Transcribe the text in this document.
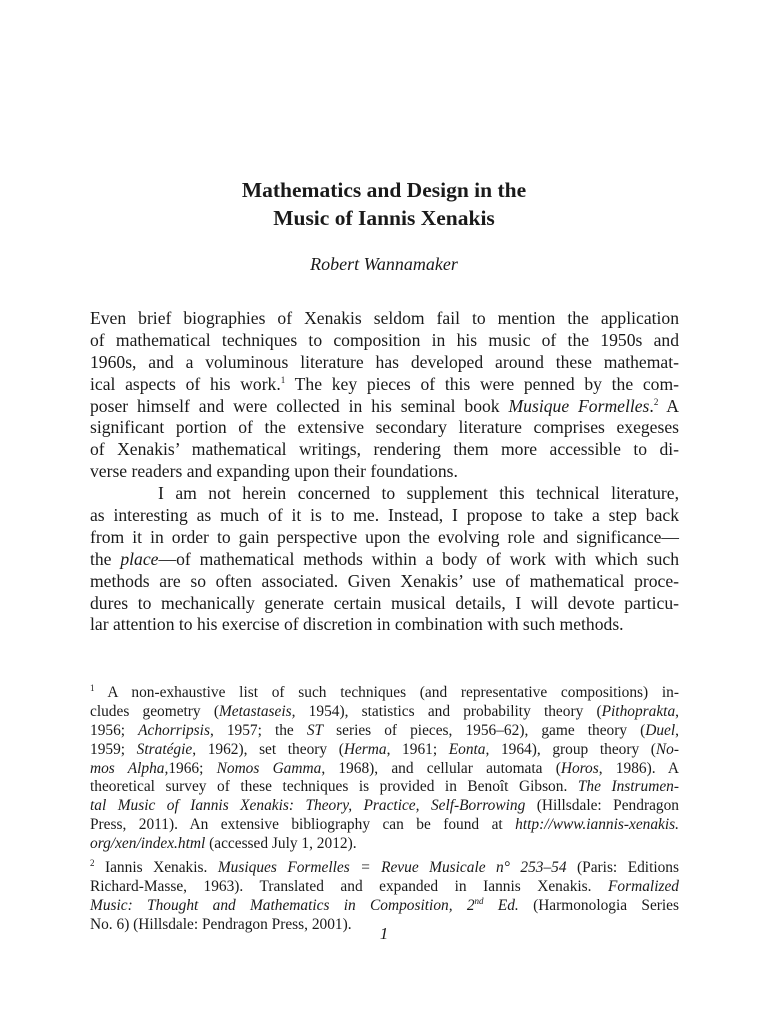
Mathematics and Design in the
Music of Iannis Xenakis
Robert Wannamaker
Even brief biographies of Xenakis seldom fail to mention the application
of mathematical techniques to composition in his music of the 1950s and
1960s, and a voluminous literature has developed around these mathemat-
ical aspects of his work.$^1$ The key pieces of this were penned by the com-
poser himself and were collected in his seminal book Musique Formelles.$^2$ A
significant portion of the extensive secondary literature comprises exegeses
of Xenakis’ mathematical writings, rendering them more accessible to di-
verse readers and expanding upon their foundations.
I am not herein concerned to supplement this technical literature,
as interesting as much of it is to me. Instead, I propose to take a step back
from it in order to gain perspective upon the evolving role and significance—
the place—of mathematical methods within a body of work with which such
methods are so often associated. Given Xenakis’ use of mathematical proce-
dures to mechanically generate certain musical details, I will devote particu-
lar attention to his exercise of discretion in combination with such methods.
$^1$ A non-exhaustive list of such techniques (and representative compositions) in-
cludes geometry (Metastaseis, 1954), statistics and probability theory (Pithoprakta,
1956; Achorripsis, 1957; the ST series of pieces, 1956–62), game theory (Duel,
1959; Stratégie, 1962), set theory (Herma, 1961; Eonta, 1964), group theory (No-
mos Alpha,1966; Nomos Gamma, 1968), and cellular automata (Horos, 1986). A
theoretical survey of these techniques is provided in Benoît Gibson. The Instrumen-
tal Music of Iannis Xenakis: Theory, Practice, Self-Borrowing (Hillsdale: Pendragon
Press, 2011). An extensive bibliography can be found at http://www.iannis-xenakis.
org/xen/index.html (accessed July 1, 2012).
$^2$ Iannis Xenakis. Musiques Formelles = Revue Musicale n° 253–54 (Paris: Editions
Richard-Masse, 1963). Translated and expanded in Iannis Xenakis. Formalized
Music: Thought and Mathematics in Composition, 2nd Ed. (Harmonologia Series
No. 6) (Hillsdale: Pendragon Press, 2001).	1
